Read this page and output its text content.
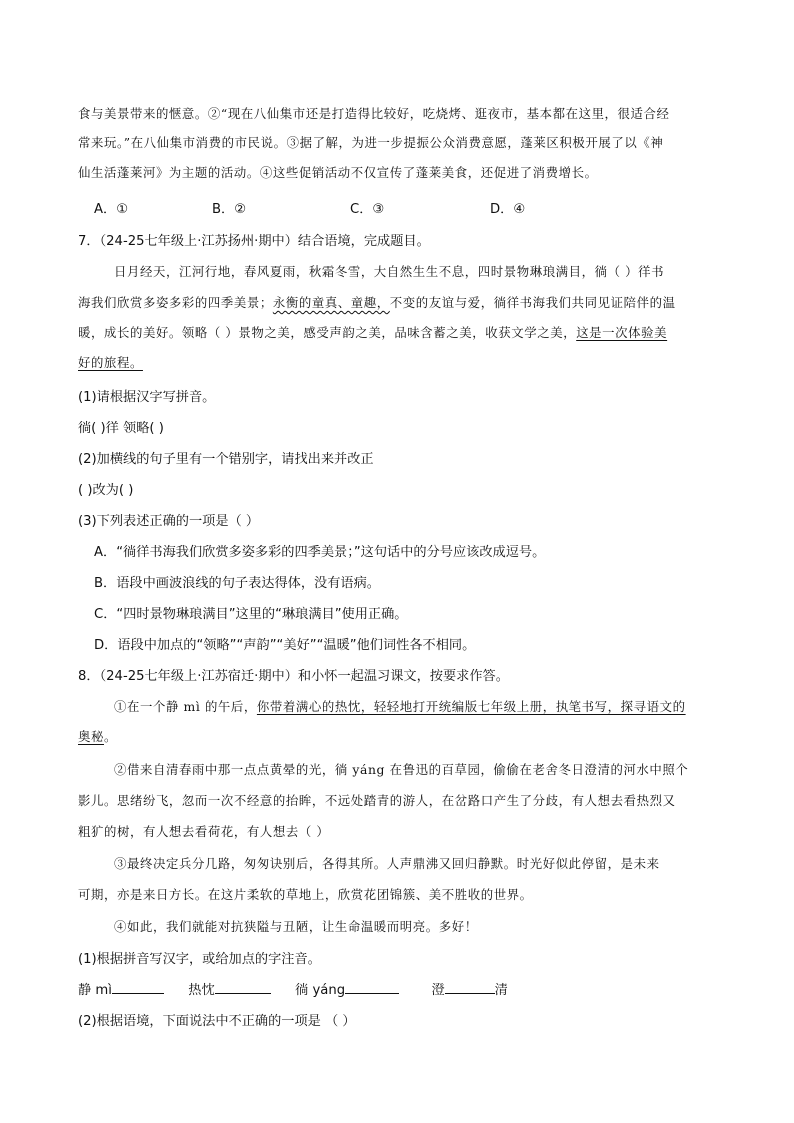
食与美景带来的惬意。②“现在八仙集市还是打造得比较好，吃烧烤、逛夜市，基本都在这里，很适合经
常来玩。”在八仙集市消费的市民说。③据了解，为进一步提振公众消费意愿，蓬莱区积极开展了以《神
仙生活蓬莱河》为主题的活动。④这些促销活动不仅宣传了蓬莱美食，还促进了消费增长。
A．①	B．②	C．③	D．④
7．（24-25七年级上·江苏扬州·期中）结合语境，完成题目。
日月经天，江河行地，春风夏雨，秋霜冬雪，大自然生生不息，四时景物琳琅满目，徜（ ）徉书
海我们欣赏多姿多彩的四季美景；永衡的童真、童趣，不变的友谊与爱，徜徉书海我们共同见证陪伴的温
暖，成长的美好。领略（ ）景物之美，感受声韵之美，品味含蓄之美，收获文学之美，这是一次体验美
好的旅程。
(1)请根据汉字写拼音。
徜( )徉 领略( )
(2)加横线的句子里有一个错别字，请找出来并改正
( )改为( )
(3)下列表述正确的一项是（ ）
A．“徜徉书海我们欣赏多姿多彩的四季美景；”这句话中的分号应该改成逗号。
B．语段中画波浪线的句子表达得体，没有语病。
C．“四时景物琳琅满目”这里的“琳琅满目”使用正确。
D．语段中加点的“领略”“声韵”“美好”“温暖”他们词性各不相同。
8．（24-25七年级上·江苏宿迁·期中）和小怀一起温习课文，按要求作答。
①在一个静 mì 的午后，你带着满心的热忱，轻轻地打开统编版七年级上册，执笔书写，探寻语文的
奥秘。
②借来自清春雨中那一点点黄晕的光，徜 yáng 在鲁迅的百草园，偷偷在老舍冬日澄清的河水中照个
影儿。思绪纷飞，忽而一次不经意的抬眸，不远处踏青的游人，在岔路口产生了分歧，有人想去看热烈又
粗犷的树，有人想去看荷花，有人想去（ ）
③最终决定兵分几路，匆匆诀别后，各得其所。人声鼎沸又回归静默。时光好似此停留，是未来
可期，亦是来日方长。在这片柔软的草地上，欣赏花团锦簇、美不胜收的世界。
④如此，我们就能对抗狭隘与丑陋，让生命温暖而明亮。多好！
(1)根据拼音写汉字，或给加点的字注音。
静 mì	热忱	徜 yáng	澄	清
(2)根据语境，下面说法中不正确的一项是 （ ）
